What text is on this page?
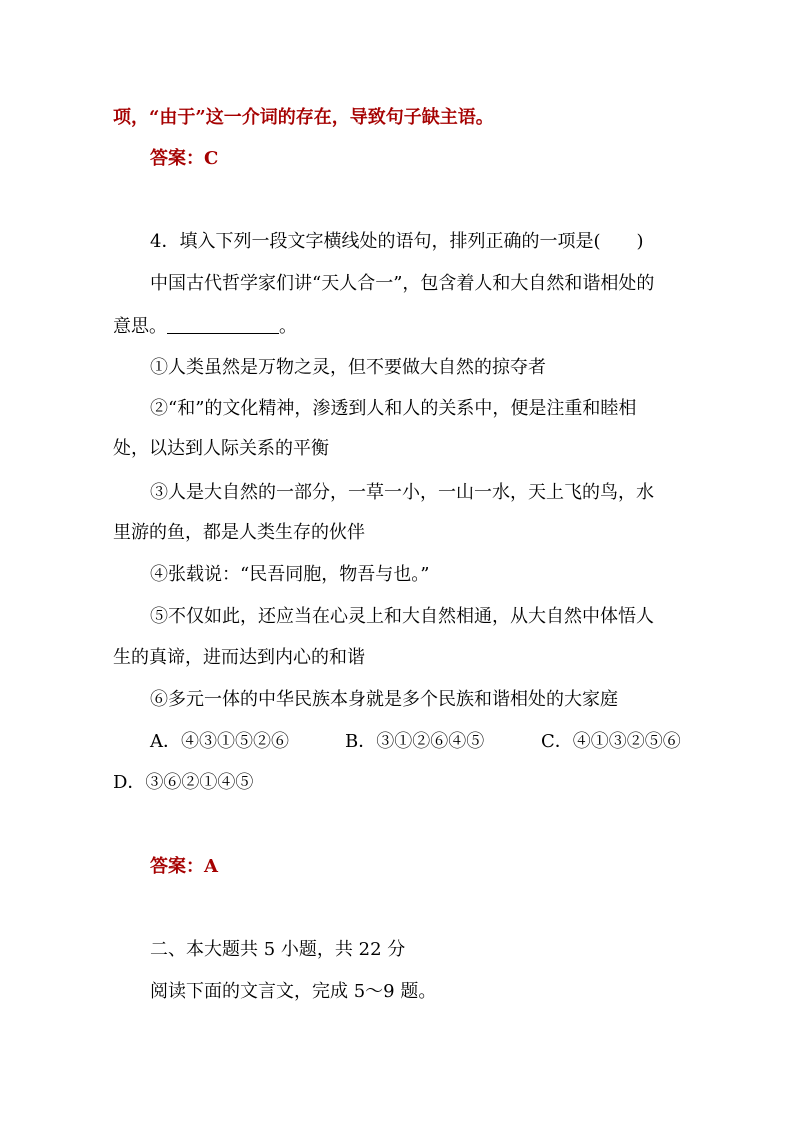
项，“由于”这一介词的存在，导致句子缺主语。
答案：C
4．填入下列一段文字横线处的语句，排列正确的一项是(　　)
中国古代哲学家们讲“天人合一”，包含着人和大自然和谐相处的
意思。	。
①人类虽然是万物之灵，但不要做大自然的掠夺者
②“和”的文化精神，渗透到人和人的关系中，便是注重和睦相
处，以达到人际关系的平衡
③人是大自然的一部分，一草一小，一山一水，天上飞的鸟，水
里游的鱼，都是人类生存的伙伴
④张载说：“民吾同胞，物吾与也。”
⑤不仅如此，还应当在心灵上和大自然相通，从大自然中体悟人
生的真谛，进而达到内心的和谐
⑥多元一体的中华民族本身就是多个民族和谐相处的大家庭
A．④③①⑤②⑥	B．③①②⑥④⑤	C．④①③②⑤⑥
D．③⑥②①④⑤
答案：A
二、本大题共 5 小题，共 22 分
阅读下面的文言文，完成 5～9 题。
